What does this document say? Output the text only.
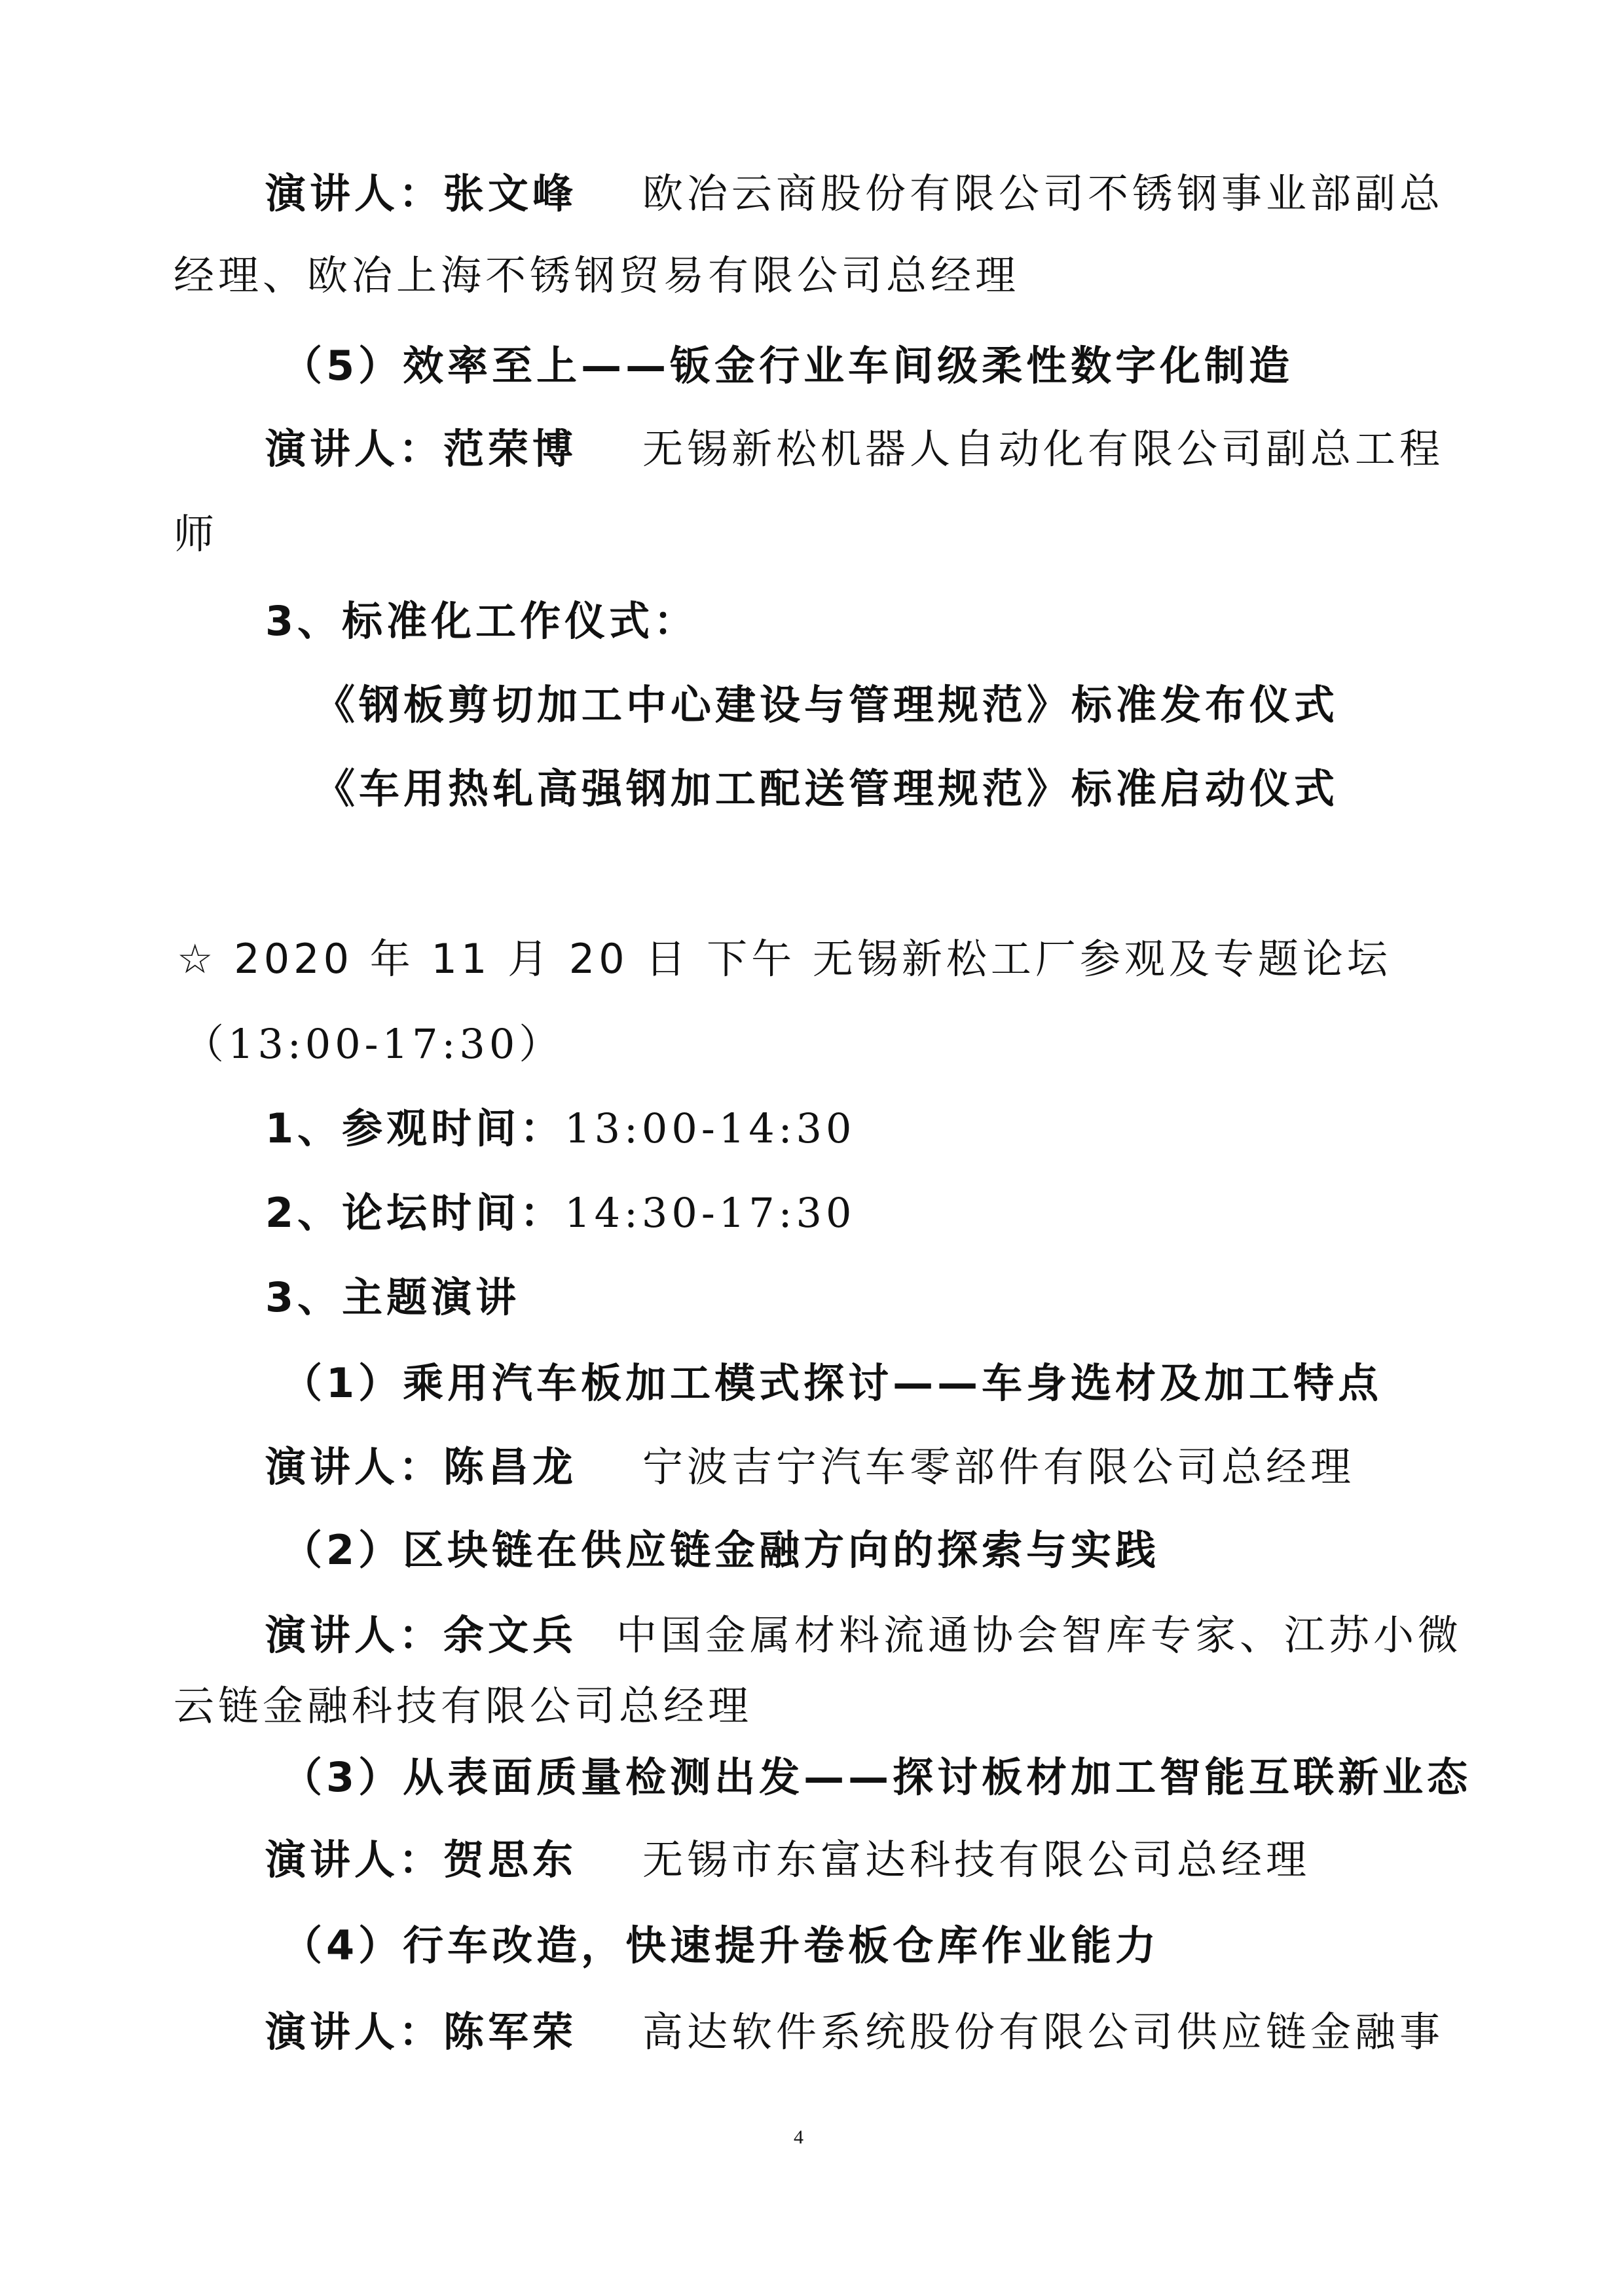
演讲人：张文峰 欧冶云商股份有限公司不锈钢事业部副总
经理、欧冶上海不锈钢贸易有限公司总经理
（5）效率至上——钣金行业车间级柔性数字化制造
演讲人：范荣博 无锡新松机器人自动化有限公司副总工程
师
3、标准化工作仪式：
《钢板剪切加工中心建设与管理规范》标准发布仪式
《车用热轧高强钢加工配送管理规范》标准启动仪式
☆ 2020 年 11 月 20 日 下午 无锡新松工厂参观及专题论坛
（13:00-17:30）
1、参观时间：13:00-14:30
2、论坛时间：14:30-17:30
3、主题演讲
（1）乘用汽车板加工模式探讨——车身选材及加工特点
演讲人：陈昌龙 宁波吉宁汽车零部件有限公司总经理
（2）区块链在供应链金融方向的探索与实践
演讲人：余文兵 中国金属材料流通协会智库专家、江苏小微
云链金融科技有限公司总经理
（3）从表面质量检测出发——探讨板材加工智能互联新业态
演讲人：贺思东 无锡市东富达科技有限公司总经理
（4）行车改造，快速提升卷板仓库作业能力
演讲人：陈军荣 高达软件系统股份有限公司供应链金融事
4
